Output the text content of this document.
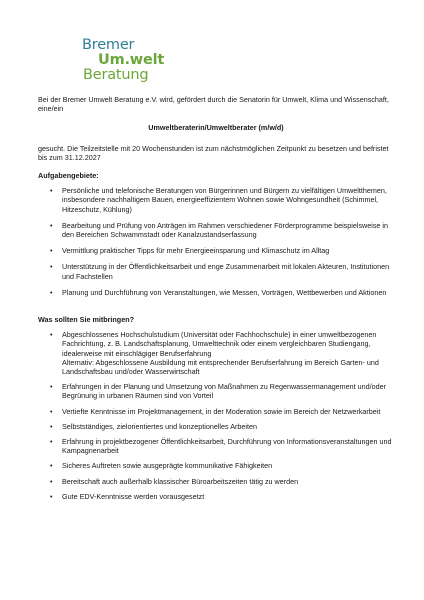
Bremer
Um.welt
Beratung

Bei der Bremer Umwelt Beratung e.V. wird, gefördert durch die Senatorin für Umwelt, Klima und Wissenschaft, eine/ein

Umweltberaterin/Umweltberater (m/w/d)

gesucht. Die Teilzeitstelle mit 20 Wochenstunden ist zum nächstmöglichen Zeitpunkt zu besetzen und befristet bis zum 31.12.2027

Aufgabengebiete:

• Persönliche und telefonische Beratungen von Bürgerinnen und Bürgern zu vielfältigen Umweltthemen, insbesondere nachhaltigem Bauen, energieeffizientem Wohnen sowie Wohngesundheit (Schimmel, Hitzeschutz, Kühlung)
• Bearbeitung und Prüfung von Anträgen im Rahmen verschiedener Förderprogramme beispielsweise in den Bereichen Schwammstadt oder Kanalzustandserfassung
• Vermittlung praktischer Tipps für mehr Energieeinsparung und Klimaschutz im Alltag
• Unterstützung in der Öffentlichkeitsarbeit und enge Zusammenarbeit mit lokalen Akteuren, Institutionen und Fachstellen
• Planung und Durchführung von Veranstaltungen, wie Messen, Vorträgen, Wettbewerben und Aktionen

Was sollten Sie mitbringen?

• Abgeschlossenes Hochschulstudium (Universität oder Fachhochschule) in einer umweltbezogenen Fachrichtung, z. B. Landschaftsplanung, Umwelttechnik oder einem vergleichbaren Studiengang, idealerweise mit einschlägiger Berufserfahrung
Alternativ: Abgeschlossene Ausbildung mit entsprechender Berufserfahrung im Bereich Garten- und Landschaftsbau und/oder Wasserwirtschaft
• Erfahrungen in der Planung und Umsetzung von Maßnahmen zu Regenwassermanagement und/oder Begrünung in urbanen Räumen sind von Vorteil
• Vertiefte Kenntnisse im Projektmanagement, in der Moderation sowie im Bereich der Netzwerkarbeit
• Selbstständiges, zielorientiertes und konzeptionelles Arbeiten
• Erfahrung in projektbezogener Öffentlichkeitsarbeit, Durchführung von Informationsveranstaltungen und Kampagnenarbeit
• Sicheres Auftreten sowie ausgeprägte kommunikative Fähigkeiten
• Bereitschaft auch außerhalb klassischer Büroarbeitszeiten tätig zu werden
• Gute EDV-Kenntnisse werden vorausgesetzt
